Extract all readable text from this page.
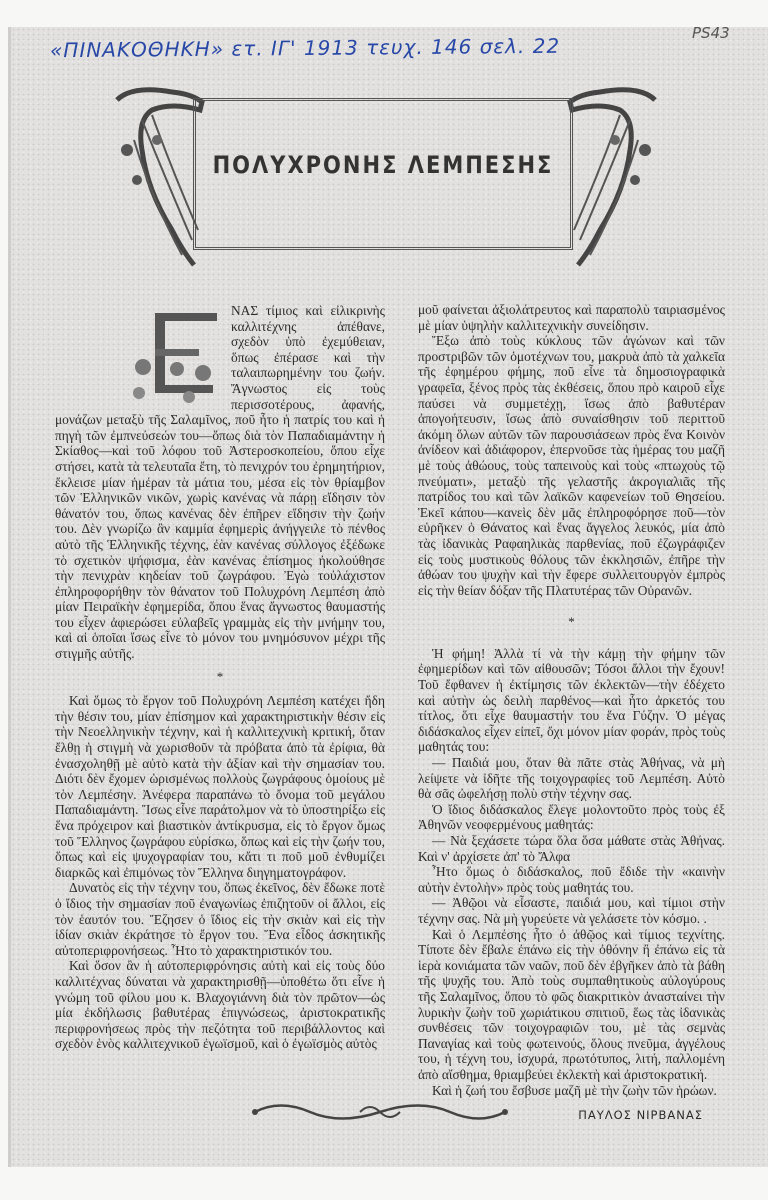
«ΠΙΝΑΚΟΘΗΚΗ» ετ. ΙΓ' 1913 τευχ. 146 σελ. 22
PS43
ΠΟΛΥΧΡΟΝΗΣ ΛΕΜΠΕΣΗΣ

ΝΑΣ τίμιος καὶ εἰλικρινὴς καλλιτέχνης ἀπέθανε, σχεδὸν ὑπὸ ἐχεμύθειαν, ὅπως ἐπέρασε καὶ τὴν ταλαιπωρημένην του ζωήν. Ἄγνωστος εἰς τοὺς περισσοτέρους, ἀφανής, μονάζων μεταξὺ τῆς Σαλαμῖνος, ποῦ ἦτο ἡ πατρίς του καὶ ἡ πηγὴ τῶν ἐμπνεύσεών του—ὅπως διὰ τὸν Παπαδιαμάντην ἡ Σκίαθος—καὶ τοῦ λόφου τοῦ Ἀστεροσκοπείου, ὅπου εἶχε στήσει, κατὰ τὰ τελευταῖα ἔτη, τὸ πενιχρόν του ἐρημητήριον, ἔκλεισε μίαν ἡμέραν τὰ μάτια του, μέσα εἰς τὸν θρίαμβον τῶν Ἑλληνικῶν νικῶν, χωρὶς κανένας νὰ πάρῃ εἴδησιν τὸν θάνατόν του, ὅπως κανένας δὲν ἐπῆρεν εἴδησιν τὴν ζωήν του. Δὲν γνωρίζω ἂν καμμία ἐφημερὶς ἀνήγγειλε τὸ πένθος αὐτὸ τῆς Ἑλληνικῆς τέχνης, ἐὰν κανένας σύλλογος ἐξέδωκε τὸ σχετικὸν ψήφισμα, ἐὰν κανένας ἐπίσημος ἠκολούθησε τὴν πενιχρὰν κηδείαν τοῦ ζωγράφου. Ἐγὼ τοὐλάχιστον ἐπληροφορήθην τὸν θάνατον τοῦ Πολυχρόνη Λεμπέση ἀπὸ μίαν Πειραϊκὴν ἐφημερίδα, ὅπου ἕνας ἄγνωστος θαυμαστής του εἶχεν ἀφιερώσει εὐλαβεῖς γραμμὰς εἰς τὴν μνήμην του, καὶ αἱ ὁποῖαι ἴσως εἶνε τὸ μόνον του μνημόσυνον μέχρι τῆς στιγμῆς αὐτῆς.

*

Καὶ ὅμως τὸ ἔργον τοῦ Πολυχρόνη Λεμπέση κατέχει ἤδη τὴν θέσιν του, μίαν ἐπίσημον καὶ χαρακτηριστικὴν θέσιν εἰς τὴν Νεοελληνικὴν τέχνην, καὶ ἡ καλλιτεχνικὴ κριτική, ὅταν ἔλθῃ ἡ στιγμὴ νὰ χωρισθοῦν τὰ πρόβατα ἀπὸ τὰ ἐρίφια, θὰ ἐνασχοληθῇ μὲ αὐτὸ κατὰ τὴν ἀξίαν καὶ τὴν σημασίαν του. Διότι δὲν ἔχομεν ὡρισμένως πολλοὺς ζωγράφους ὁμοίους μὲ τὸν Λεμπέσην. Ἀνέφερα παραπάνω τὸ ὄνομα τοῦ μεγάλου Παπαδιαμάντη. Ἴσως εἶνε παράτολμον νὰ τὸ ὑποστηρίξω εἰς ἕνα πρόχειρον καὶ βιαστικὸν ἀντίκρυσμα, εἰς τὸ ἔργον ὅμως τοῦ Ἕλληνος ζωγράφου εὑρίσκω, ὅπως καὶ εἰς τὴν ζωήν του, ὅπως καὶ εἰς ψυχογραφίαν του, κἄτι τι ποῦ μοῦ ἐνθυμίζει διαρκῶς καὶ ἐπιμόνως τὸν Ἕλληνα διηγηματογράφον.

Δυνατὸς εἰς τὴν τέχνην του, ὅπως ἐκεῖνος, δὲν ἔδωκε ποτὲ ὁ ἴδιος τὴν σημασίαν ποῦ ἐναγωνίως ἐπιζητοῦν οἱ ἄλλοι, εἰς τὸν ἑαυτόν του. Ἔζησεν ὁ ἴδιος εἰς τὴν σκιὰν καὶ εἰς τὴν ἰδίαν σκιὰν ἐκράτησε τὸ ἔργον του. Ἕνα εἶδος ἀσκητικῆς αὐτοπεριφρονήσεως. Ἦτο τὸ χαρακτηριστικόν του.

Καὶ ὅσον ἂν ἡ αὐτοπεριφρόνησις αὐτὴ καὶ εἰς τοὺς δύο καλλιτέχνας δύναται νὰ χαρακτηρισθῇ—ὑποθέτω ὅτι εἶνε ἡ γνώμη τοῦ φίλου μου κ. Βλαχογιάννη διὰ τὸν πρῶτον—ὡς μία ἐκδήλωσις βαθυτέρας ἐπιγνώσεως, ἀριστοκρατικῆς περιφρονήσεως πρὸς τὴν πεζότητα τοῦ περιβάλλοντος καὶ σχεδὸν ἑνὸς καλλιτεχνικοῦ ἐγωϊσμοῦ, καὶ ὁ ἐγωϊσμὸς αὐτὸς

μοῦ φαίνεται ἀξιολάτρευτος καὶ παραπολὺ ταιριασμένος μὲ μίαν ὑψηλὴν καλλιτεχνικὴν συνείδησιν.

Ἔξω ἀπὸ τοὺς κύκλους τῶν ἀγώνων καὶ τῶν προστριβῶν τῶν ὁμοτέχνων του, μακρυὰ ἀπὸ τὰ χαλκεῖα τῆς ἐφημέρου φήμης, ποῦ εἶνε τὰ δημοσιογραφικὰ γραφεῖα, ξένος πρὸς τὰς ἐκθέσεις, ὅπου πρὸ καιροῦ εἶχε παύσει νὰ συμμετέχῃ, ἴσως ἀπὸ βαθυτέραν ἀπογοήτευσιν, ἴσως ἀπὸ συναίσθησιν τοῦ περιττοῦ ἀκόμη ὅλων αὐτῶν τῶν παρουσιάσεων πρὸς ἕνα Κοινὸν ἀνίδεον καὶ ἀδιάφορον, ἐπερνοῦσε τὰς ἡμέρας του μαζῆ μὲ τοὺς ἀθώους, τοὺς ταπεινοὺς καὶ τοὺς «πτωχοὺς τῷ πνεύματι», μεταξὺ τῆς γελαστῆς ἀκρογιαλιᾶς τῆς πατρίδος του καὶ τῶν λαϊκῶν καφενείων τοῦ Θησείου. Ἐκεῖ κάπου—κανεὶς δὲν μᾶς ἐπληροφόρησε ποῦ—τὸν εὑρῆκεν ὁ Θάνατος καὶ ἕνας ἄγγελος λευκός, μία ἀπὸ τὰς ἰδανικὰς Ραφαηλικὰς παρθενίας, ποῦ ἐζωγράφιζεν εἰς τοὺς μυστικοὺς θόλους τῶν ἐκκλησιῶν, ἐπῆρε τὴν ἀθώαν του ψυχὴν καὶ τὴν ἔφερε συλλειτουργὸν ἐμπρὸς εἰς τὴν θείαν δόξαν τῆς Πλατυτέρας τῶν Οὐρανῶν.

*

Ἡ φήμη! Ἀλλὰ τί νὰ τὴν κάμῃ τὴν φήμην τῶν ἐφημερίδων καὶ τῶν αἰθουσῶν; Τόσοι ἄλλοι τὴν ἔχουν! Τοῦ ἔφθανεν ἡ ἐκτίμησις τῶν ἐκλεκτῶν—τὴν ἐδέχετο καὶ αὐτὴν ὡς δειλὴ παρθένος—καὶ ἦτο ἀρκετός του τίτλος, ὅτι εἶχε θαυμαστήν του ἕνα Γύζην. Ὁ μέγας διδάσκαλος εἶχεν εἰπεῖ, ὄχι μόνον μίαν φοράν, πρὸς τοὺς μαθητάς του:

— Παιδιά μου, ὅταν θὰ πᾶτε στὰς Ἀθήνας, νὰ μὴ λείψετε νὰ ἰδῆτε τῆς τοιχογραφίες τοῦ Λεμπέση. Αὐτὸ θὰ σᾶς ὠφελήσῃ πολὺ στὴν τέχνην σας.

Ὁ ἴδιος διδάσκαλος ἔλεγε μολοντοῦτο πρὸς τοὺς ἐξ Ἀθηνῶν νεοφερμένους μαθητάς:

— Νὰ ξεχάσετε τώρα ὅλα ὅσα μάθατε στὰς Ἀθήνας. Καὶ ν' ἀρχίσετε ἀπ' τὸ Ἄλφα

Ἦτο ὅμως ὁ διδάσκαλος, ποῦ ἔδιδε τὴν «καινὴν αὐτὴν ἐντολὴν» πρὸς τοὺς μαθητάς του.

— Ἀθῷοι νὰ εἶσαστε, παιδιά μου, καὶ τίμιοι στὴν τέχνην σας. Νὰ μὴ γυρεύετε νὰ γελάσετε τὸν κόσμο. .

Καὶ ὁ Λεμπέσης ἦτο ὁ ἀθῷος καὶ τίμιος τεχνίτης. Τίποτε δὲν ἔβαλε ἐπάνω εἰς τὴν ὀθόνην ἢ ἐπάνω εἰς τὰ ἱερὰ κονιάματα τῶν ναῶν, ποῦ δὲν ἐβγῆκεν ἀπὸ τὰ βάθη τῆς ψυχῆς του. Ἀπὸ τοὺς συμπαθητικοὺς αὐλογύρους τῆς Σαλαμῖνος, ὅπου τὸ φῶς διακριτικὸν ἀνασταίνει τὴν λυρικὴν ζωὴν τοῦ χωριάτικου σπιτιοῦ, ἕως τὰς ἰδανικὰς συνθέσεις τῶν τοιχογραφιῶν του, μὲ τὰς σεμνὰς Παναγίας καὶ τοὺς φωτεινούς, ὅλους πνεῦμα, ἀγγέλους του, ἡ τέχνη του, ἰσχυρά, πρωτότυπος, λιτή, παλλομένη ἀπὸ αἴσθημα, θριαμβεύει ἐκλεκτὴ καὶ ἀριστοκρατική.

Καὶ ἡ ζωή του ἔσβυσε μαζῆ μὲ τὴν ζωὴν τῶν ἡρώων.

ΠΑΥΛΟΣ ΝΙΡΒΑΝΑΣ
